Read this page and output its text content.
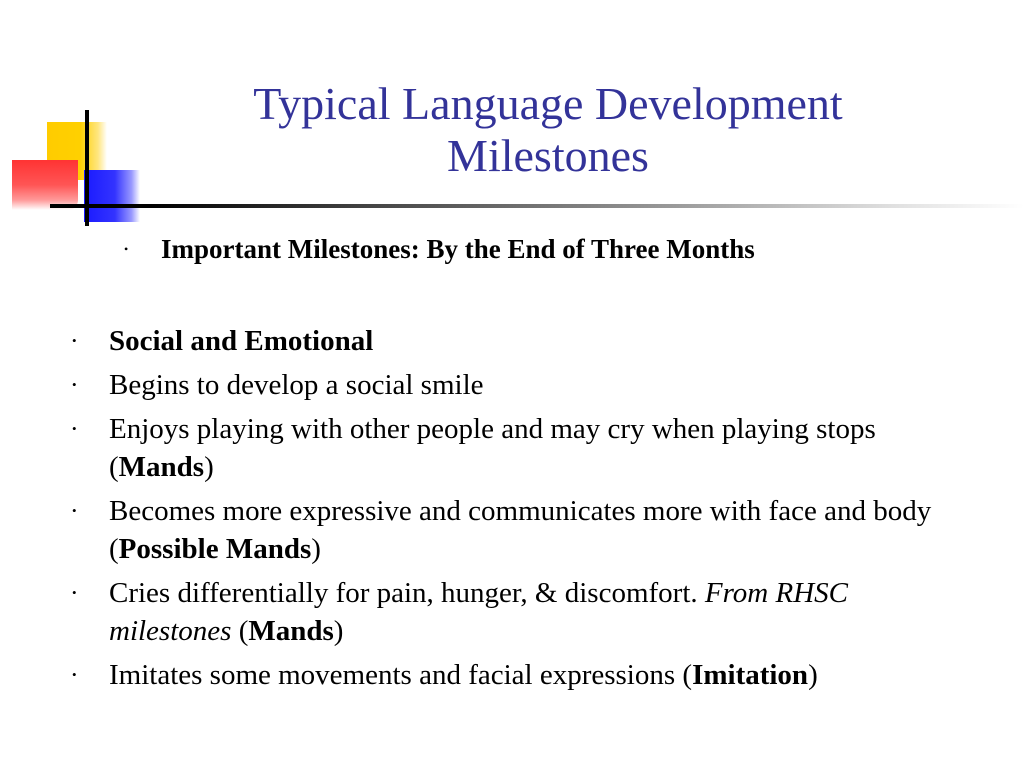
Typical Language Development Milestones
• Important Milestones: By the End of Three Months
• Social and Emotional
• Begins to develop a social smile
• Enjoys playing with other people and may cry when playing stops (Mands)
• Becomes more expressive and communicates more with face and body (Possible Mands)
• Cries differentially for pain, hunger, & discomfort. From RHSC milestones (Mands)
• Imitates some movements and facial expressions (Imitation)
